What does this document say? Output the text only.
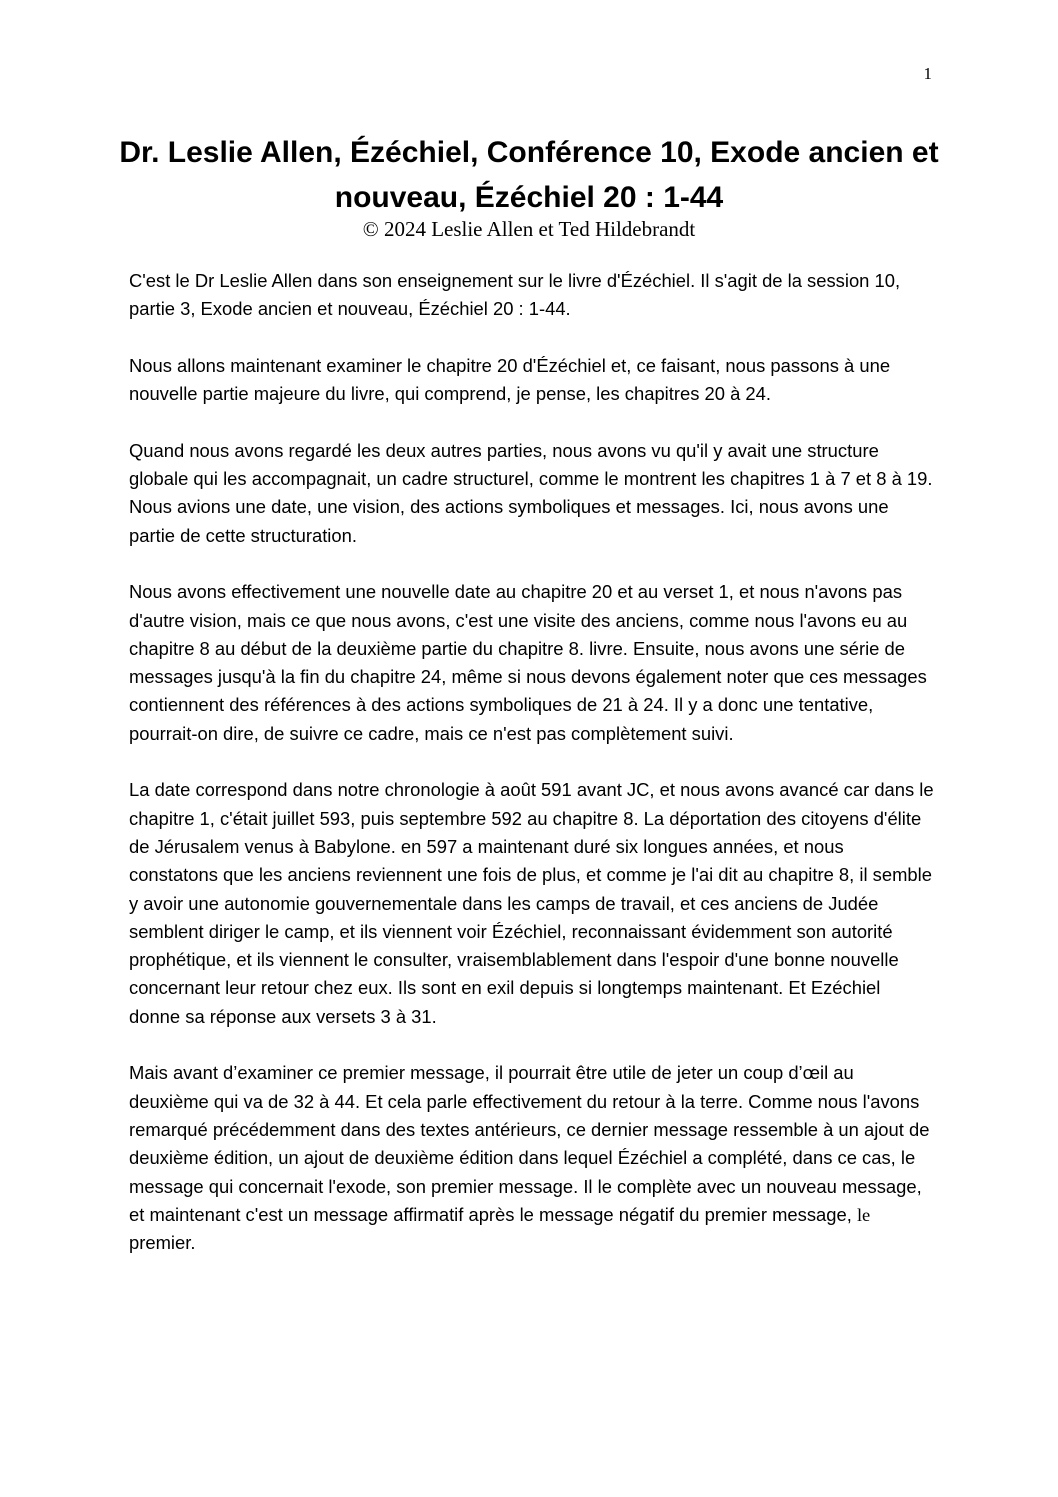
1
Dr. Leslie Allen, Ézéchiel, Conférence 10, Exode ancien et nouveau, Ézéchiel 20 : 1-44
© 2024 Leslie Allen et Ted Hildebrandt

C'est le Dr Leslie Allen dans son enseignement sur le livre d'Ézéchiel. Il s'agit de la session 10, partie 3, Exode ancien et nouveau, Ézéchiel 20 : 1-44.

Nous allons maintenant examiner le chapitre 20 d'Ézéchiel et, ce faisant, nous passons à une nouvelle partie majeure du livre, qui comprend, je pense, les chapitres 20 à 24.

Quand nous avons regardé les deux autres parties, nous avons vu qu'il y avait une structure globale qui les accompagnait, un cadre structurel, comme le montrent les chapitres 1 à 7 et 8 à 19. Nous avions une date, une vision, des actions symboliques et messages. Ici, nous avons une partie de cette structuration.

Nous avons effectivement une nouvelle date au chapitre 20 et au verset 1, et nous n'avons pas d'autre vision, mais ce que nous avons, c'est une visite des anciens, comme nous l'avons eu au chapitre 8 au début de la deuxième partie du chapitre 8. livre. Ensuite, nous avons une série de messages jusqu'à la fin du chapitre 24, même si nous devons également noter que ces messages contiennent des références à des actions symboliques de 21 à 24. Il y a donc une tentative, pourrait-on dire, de suivre ce cadre, mais ce n'est pas complètement suivi.

La date correspond dans notre chronologie à août 591 avant JC, et nous avons avancé car dans le chapitre 1, c'était juillet 593, puis septembre 592 au chapitre 8. La déportation des citoyens d'élite de Jérusalem venus à Babylone. en 597 a maintenant duré six longues années, et nous constatons que les anciens reviennent une fois de plus, et comme je l'ai dit au chapitre 8, il semble y avoir une autonomie gouvernementale dans les camps de travail, et ces anciens de Judée semblent diriger le camp, et ils viennent voir Ézéchiel, reconnaissant évidemment son autorité prophétique, et ils viennent le consulter, vraisemblablement dans l'espoir d'une bonne nouvelle concernant leur retour chez eux. Ils sont en exil depuis si longtemps maintenant. Et Ezéchiel donne sa réponse aux versets 3 à 31.

Mais avant d’examiner ce premier message, il pourrait être utile de jeter un coup d’œil au deuxième qui va de 32 à 44. Et cela parle effectivement du retour à la terre. Comme nous l'avons remarqué précédemment dans des textes antérieurs, ce dernier message ressemble à un ajout de deuxième édition, un ajout de deuxième édition dans lequel Ézéchiel a complété, dans ce cas, le message qui concernait l'exode, son premier message. Il le complète avec un nouveau message, et maintenant c'est un message affirmatif après le message négatif du premier message, le premier.
